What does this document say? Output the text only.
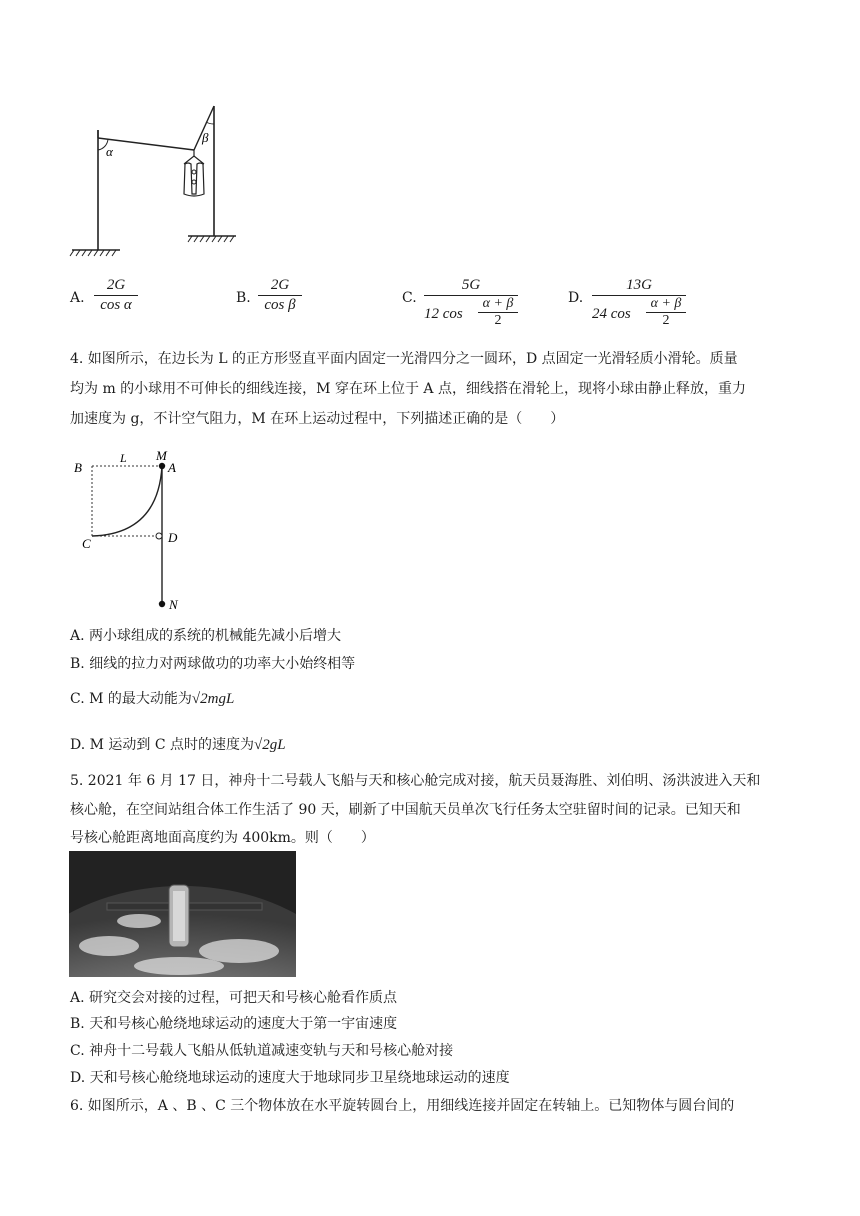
α
β
A. $\frac{2G}{\text{cos α}}$	B. $\frac{2G}{\text{cos β}}$	C. $\frac{5G}{12 \cos \frac{\alpha + \beta}{2}}$	D. $\frac{13G}{24 \cos \frac{\alpha + \beta}{2}}$
4. 如图所示，在边长为 L 的正方形竖直平面内固定一光滑四分之一圆环，D 点固定一光滑轻质小滑轮。质量
均为 m 的小球用不可伸长的细线连接，M 穿在环上位于 A 点，细线搭在滑轮上，现将小球由静止释放，重力
加速度为 g，不计空气阻力，M 在环上运动过程中，下列描述正确的是（　　）
B
L M
A
C	D
N
A. 两小球组成的系统的机械能先减小后增大
B. 细线的拉力对两球做功的功率大小始终相等
C. M 的最大动能为√2mgL
D. M 运动到 C 点时的速度为√2gL
5. 2021 年 6 月 17 日，神舟十二号载人飞船与天和核心舱完成对接，航天员聂海胜、刘伯明、汤洪波进入天和
核心舱，在空间站组合体工作生活了 90 天，刷新了中国航天员单次飞行任务太空驻留时间的记录。已知天和
号核心舱距离地面高度约为 400km。则（　　）
A. 研究交会对接的过程，可把天和号核心舱看作质点
B. 天和号核心舱绕地球运动的速度大于第一宇宙速度
C. 神舟十二号载人飞船从低轨道减速变轨与天和号核心舱对接
D. 天和号核心舱绕地球运动的速度大于地球同步卫星绕地球运动的速度
6. 如图所示，A 、B 、C 三个物体放在水平旋转圆台上，用细线连接并固定在转轴上。已知物体与圆台间的
